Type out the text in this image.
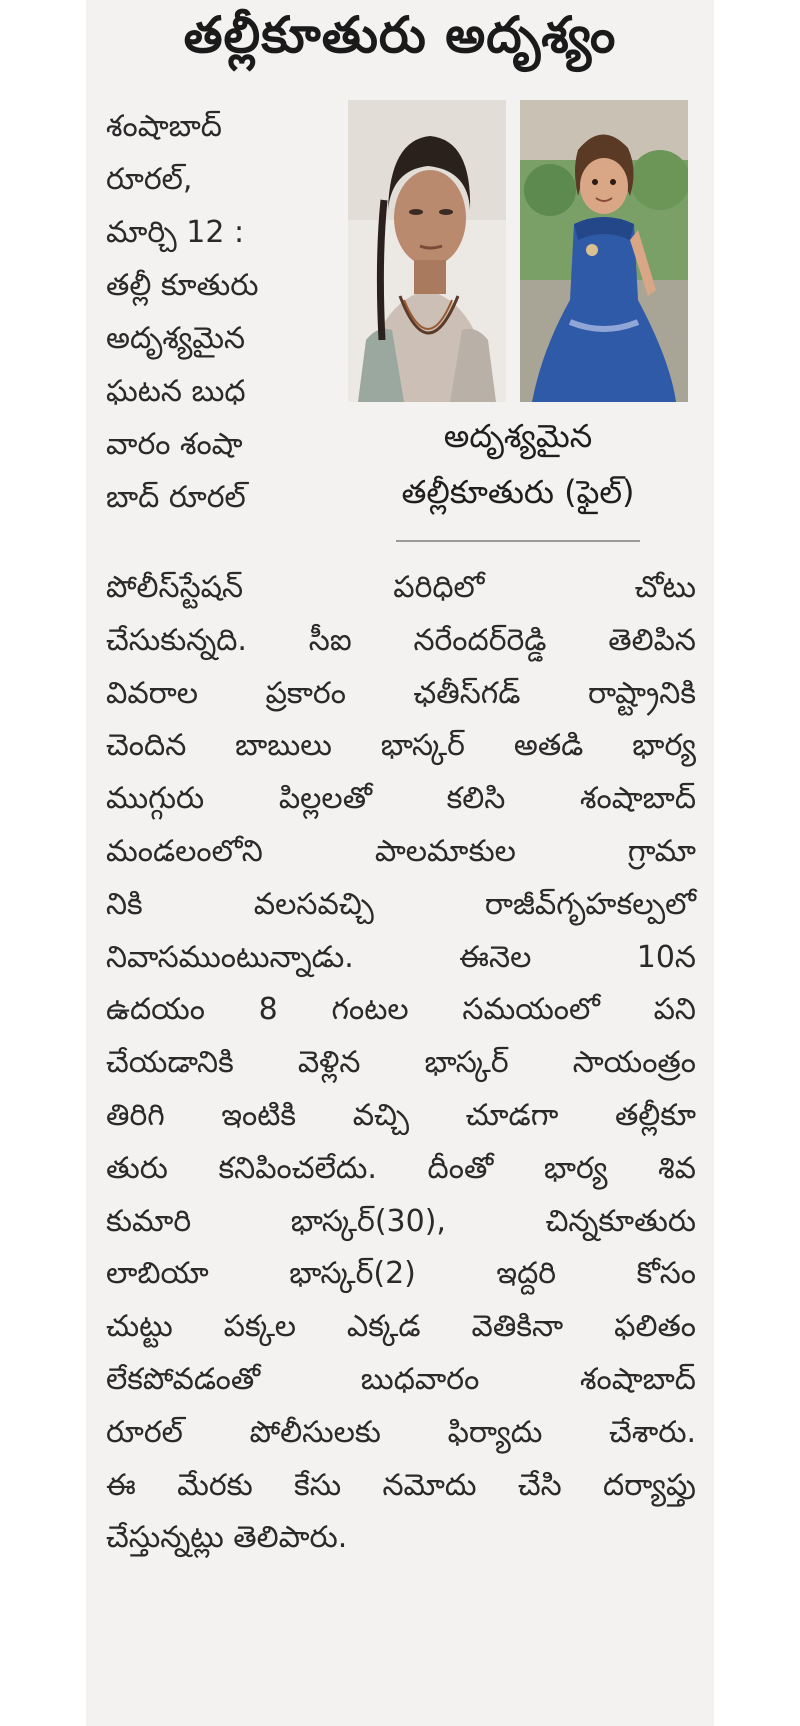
తల్లీకూతురు అదృశ్యం
శంషాబాద్
రూరల్,
మార్చి 12 :
తల్లీ కూతురు
అదృశ్యమైన
ఘటన బుధ
వారం శంషా
బాద్ రూరల్
అదృశ్యమైన
తల్లీకూతురు (ఫైల్)
పోలీస్‌స్టేషన్ పరిధిలో చోటు
చేసుకున్నది. సీఐ నరేందర్‌రెడ్డి తెలిపిన
వివరాల ప్రకారం ఛతీస్‌గడ్ రాష్ట్రానికి
చెందిన బాబులు భాస్కర్ అతడి భార్య
ముగ్గురు పిల్లలతో కలిసి శంషాబాద్
మండలంలోని పాలమాకుల గ్రామా
నికి వలసవచ్చి రాజీవ్‌గృహకల్పలో
నివాసముంటున్నాడు. ఈనెల 10న
ఉదయం 8 గంటల సమయంలో పని
చేయడానికి వెళ్లిన భాస్కర్ సాయంత్రం
తిరిగి ఇంటికి వచ్చి చూడగా తల్లీకూ
తురు కనిపించలేదు. దీంతో భార్య శివ
కుమారి భాస్కర్(30), చిన్నకూతురు
లాబియా భాస్కర్(2) ఇద్దరి కోసం
చుట్టు పక్కల ఎక్కడ వెతికినా ఫలితం
లేకపోవడంతో బుధవారం శంషాబాద్
రూరల్ పోలీసులకు ఫిర్యాదు చేశారు.
ఈ మేరకు కేసు నమోదు చేసి దర్యాప్తు
చేస్తున్నట్లు తెలిపారు.
